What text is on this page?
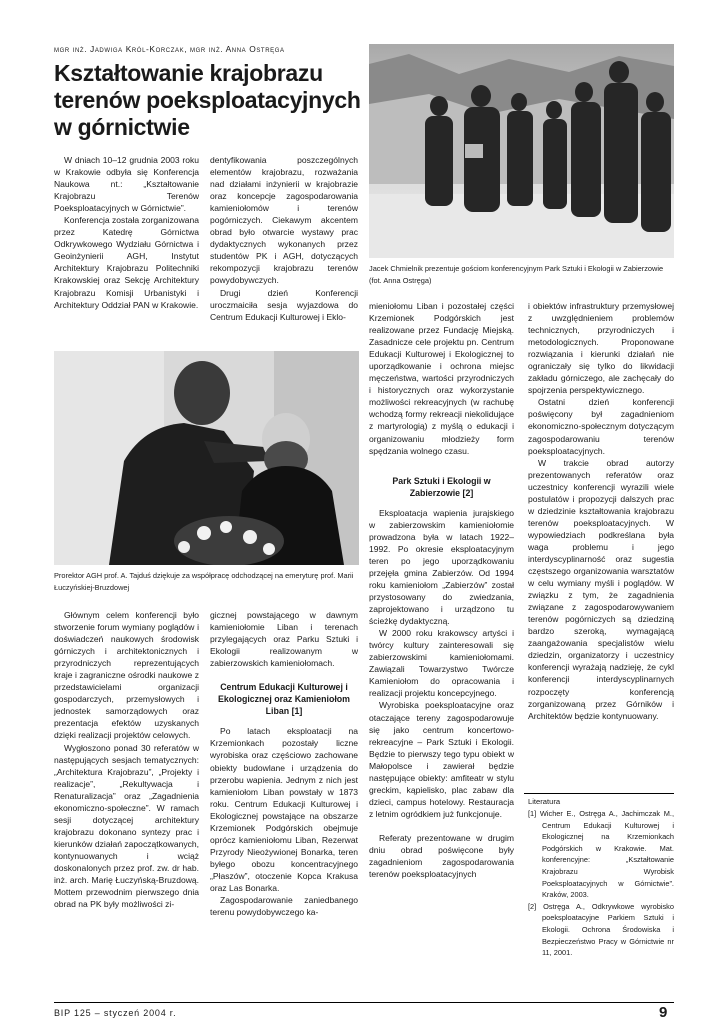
mgr inż. Jadwiga Król-Korczak, mgr inż. Anna Ostręga
Kształtowanie krajobrazu
terenów poeksploatacyjnych
w górnictwie

W dniach 10–12 grudnia 2003 roku w Krakowie odbyła się Konferencja Naukowa nt.: „Kształtowanie Krajobrazu Terenów Poeksploatacyjnych w Górnictwie”.

Konferencja została zorganizowana przez Katedrę Górnictwa Odkrywkowego Wydziału Górnictwa i Geoinżynierii AGH, Instytut Architektury Krajobrazu Politechniki Krakowskiej oraz Sekcję Architektury Krajobrazu Komisji Urbanistyki i Architektury Oddział PAN w Krakowie.

dentyfikowania poszczególnych elementów krajobrazu, rozważania nad działami inżynierii w krajobrazie oraz koncepcje zagospodarowania kamieniołomów i terenów pogórniczych. Ciekawym akcentem obrad było otwarcie wystawy prac dydaktycznych wykonanych przez studentów PK i AGH, dotyczących rekompozycji krajobrazu terenów powydobywczych.

Drugi dzień Konferencji uroczmaiciła sesja wyjazdowa do Centrum Edukacji Kulturowej i Eklo-

Jacek Chmielnik prezentuje gościom konferencyjnym Park Sztuki i Ekologii w Zabierzowie (fot. Anna Ostręga)
Prorektor AGH prof. A. Tajduś dziękuje za współpracę odchodzącej na emeryturę prof. Marii Łuczyńskiej-Bruzdowej

Głównym celem konferencji było stworzenie forum wymiany poglądów i doświadczeń naukowych środowisk górniczych i architektonicznych i przyrodniczych reprezentujących kraje i zagraniczne ośrodki naukowe z przedstawicielami organizacji gospodarczych, przemysłowych i jednostek samorządowych oraz prezentacja efektów uzyskanych dzięki realizacji projektów celowych.

Wygłoszono ponad 30 referatów w następujących sesjach tematycznych: „Architektura Krajobrazu”, „Projekty i realizacje”, „Rekultywacja i Renaturalizacja” oraz „Zagadnienia ekonomiczno-społeczne”. W ramach sesji dotyczącej architektury krajobrazu dokonano syntezy prac i kierunków działań zapoczątkowanych, kontynuowanych i wciąż doskonalonych przez prof. zw. dr hab. inż. arch. Marię Łuczyńską-Bruzdową. Mottem przewodnim pierwszego dnia obrad na PK były możliwości zi-

gicznej powstającego w dawnym kamieniołomie Liban i terenach przylegających oraz Parku Sztuki i Ekologii realizowanym w zabierzowskich kamieniołomach.

Centrum Edukacji Kulturowej i Ekologicznej oraz Kamieniołom Liban [1]

Po latach eksploatacji na Krzemionkach pozostały liczne wyrobiska oraz częściowo zachowane obiekty budowlane i urządzenia do przerobu wapienia. Jednym z nich jest kamieniołom Liban powstały w 1873 roku. Centrum Edukacji Kulturowej i Ekologicznej powstające na obszarze Krzemionek Podgórskich obejmuje oprócz kamieniołomu Liban, Rezerwat Przyrody Nieożywionej Bonarka, teren byłego obozu koncentracyjnego „Płaszów”, otoczenie Kopca Krakusa oraz Las Bonarka.

Zagospodarowanie zaniedbanego terenu powydobywczego ka-

mieniołomu Liban i pozostałej części Krzemionek Podgórskich jest realizowane przez Fundację Miejską. Zasadnicze cele projektu pn. Centrum Edukacji Kulturowej i Ekologicznej to uporządkowanie i ochrona miejsc męczeństwa, wartości przyrodniczych i historycznych oraz wykorzystanie możliwości rekreacyjnych (w rachubę wchodzą formy rekreacji niekolidujące z martyrologią) z myślą o edukacji i organizowaniu młodzieży form spędzania wolnego czasu.

Park Sztuki i Ekologii w Zabierzowie [2]

Eksploatacja wapienia jurajskiego w zabierzowskim kamieniołomie prowadzona była w latach 1922–1992. Po okresie eksploatacyjnym teren po jego uporządkowaniu przejęła gmina Zabierzów. Od 1994 roku kamieniołom „Zabierzów” został przystosowany do zwiedzania, zaprojektowano i urządzono tu ścieżkę dydaktyczną.

W 2000 roku krakowscy artyści i twórcy kultury zainteresowali się zabierzowskimi kamieniołomami. Zawiązali Towarzystwo Twórcze Kamieniołom do opracowania i realizacji projektu koncepcyjnego.

Wyrobiska poeksploatacyjne oraz otaczające tereny zagospodarowuje się jako centrum koncertowo-rekreacyjne – Park Sztuki i Ekologii. Będzie to pierwszy tego typu obiekt w Małopolsce i zawierał będzie następujące obiekty: amfiteatr w stylu greckim, kąpielisko, plac zabaw dla dzieci, campus hotelowy. Restauracja z letnim ogródkiem już funkcjonuje.

Referaty prezentowane w drugim dniu obrad poświęcone były zagadnieniom zagospodarowania terenów poeksploatacyjnych

i obiektów infrastruktury przemysłowej z uwzględnieniem problemów technicznych, przyrodniczych i metodologicznych. Proponowane rozwiązania i kierunki działań nie ograniczały się tylko do likwidacji zakładu górniczego, ale zachęcały do spojrzenia perspektywicznego.

Ostatni dzień konferencji poświęcony był zagadnieniom ekonomiczno-społecznym dotyczącym zagospodarowaniu terenów poeksploatacyjnych.

W trakcie obrad autorzy prezentowanych referatów oraz uczestnicy konferencji wyrazili wiele postulatów i propozycji dalszych prac w dziedzinie kształtowania krajobrazu terenów poeksploatacyjnych. W wypowiedziach podkreślana była waga problemu i jego interdyscyplinarność oraz sugestia częstszego organizowania warsztatów w celu wymiany myśli i poglądów. W związku z tym, że zagadnienia związane z zagospodarowywaniem terenów pogórniczych są dziedziną bardzo szeroką, wymagającą zaangażowania specjalistów wielu dziedzin, organizatorzy i uczestnicy konferencji wyrażają nadzieję, że cykl konferencji interdyscyplinarnych rozpoczęty konferencją zorganizowaną przez Górników i Architektów będzie kontynuowany.

Literatura

[1] Wicher E., Ostręga A., Jachimczak M., Centrum Edukacji Kulturowej i Ekologicznej na Krzemionkach Podgórskich w Krakowie. Mat. konferencyjne: „Kształtowanie Krajobrazu Wyrobisk Poeksploatacyjnych w Górnictwie”. Kraków, 2003.

[2] Ostręga A., Odkrywkowe wyrobisko poeksploatacyjne Parkiem Sztuki i Ekologii. Ochrona Środowiska i Bezpieczeństwo Pracy w Górnictwie nr 11, 2001.

BIP 125 – styczeń 2004 r.	9
